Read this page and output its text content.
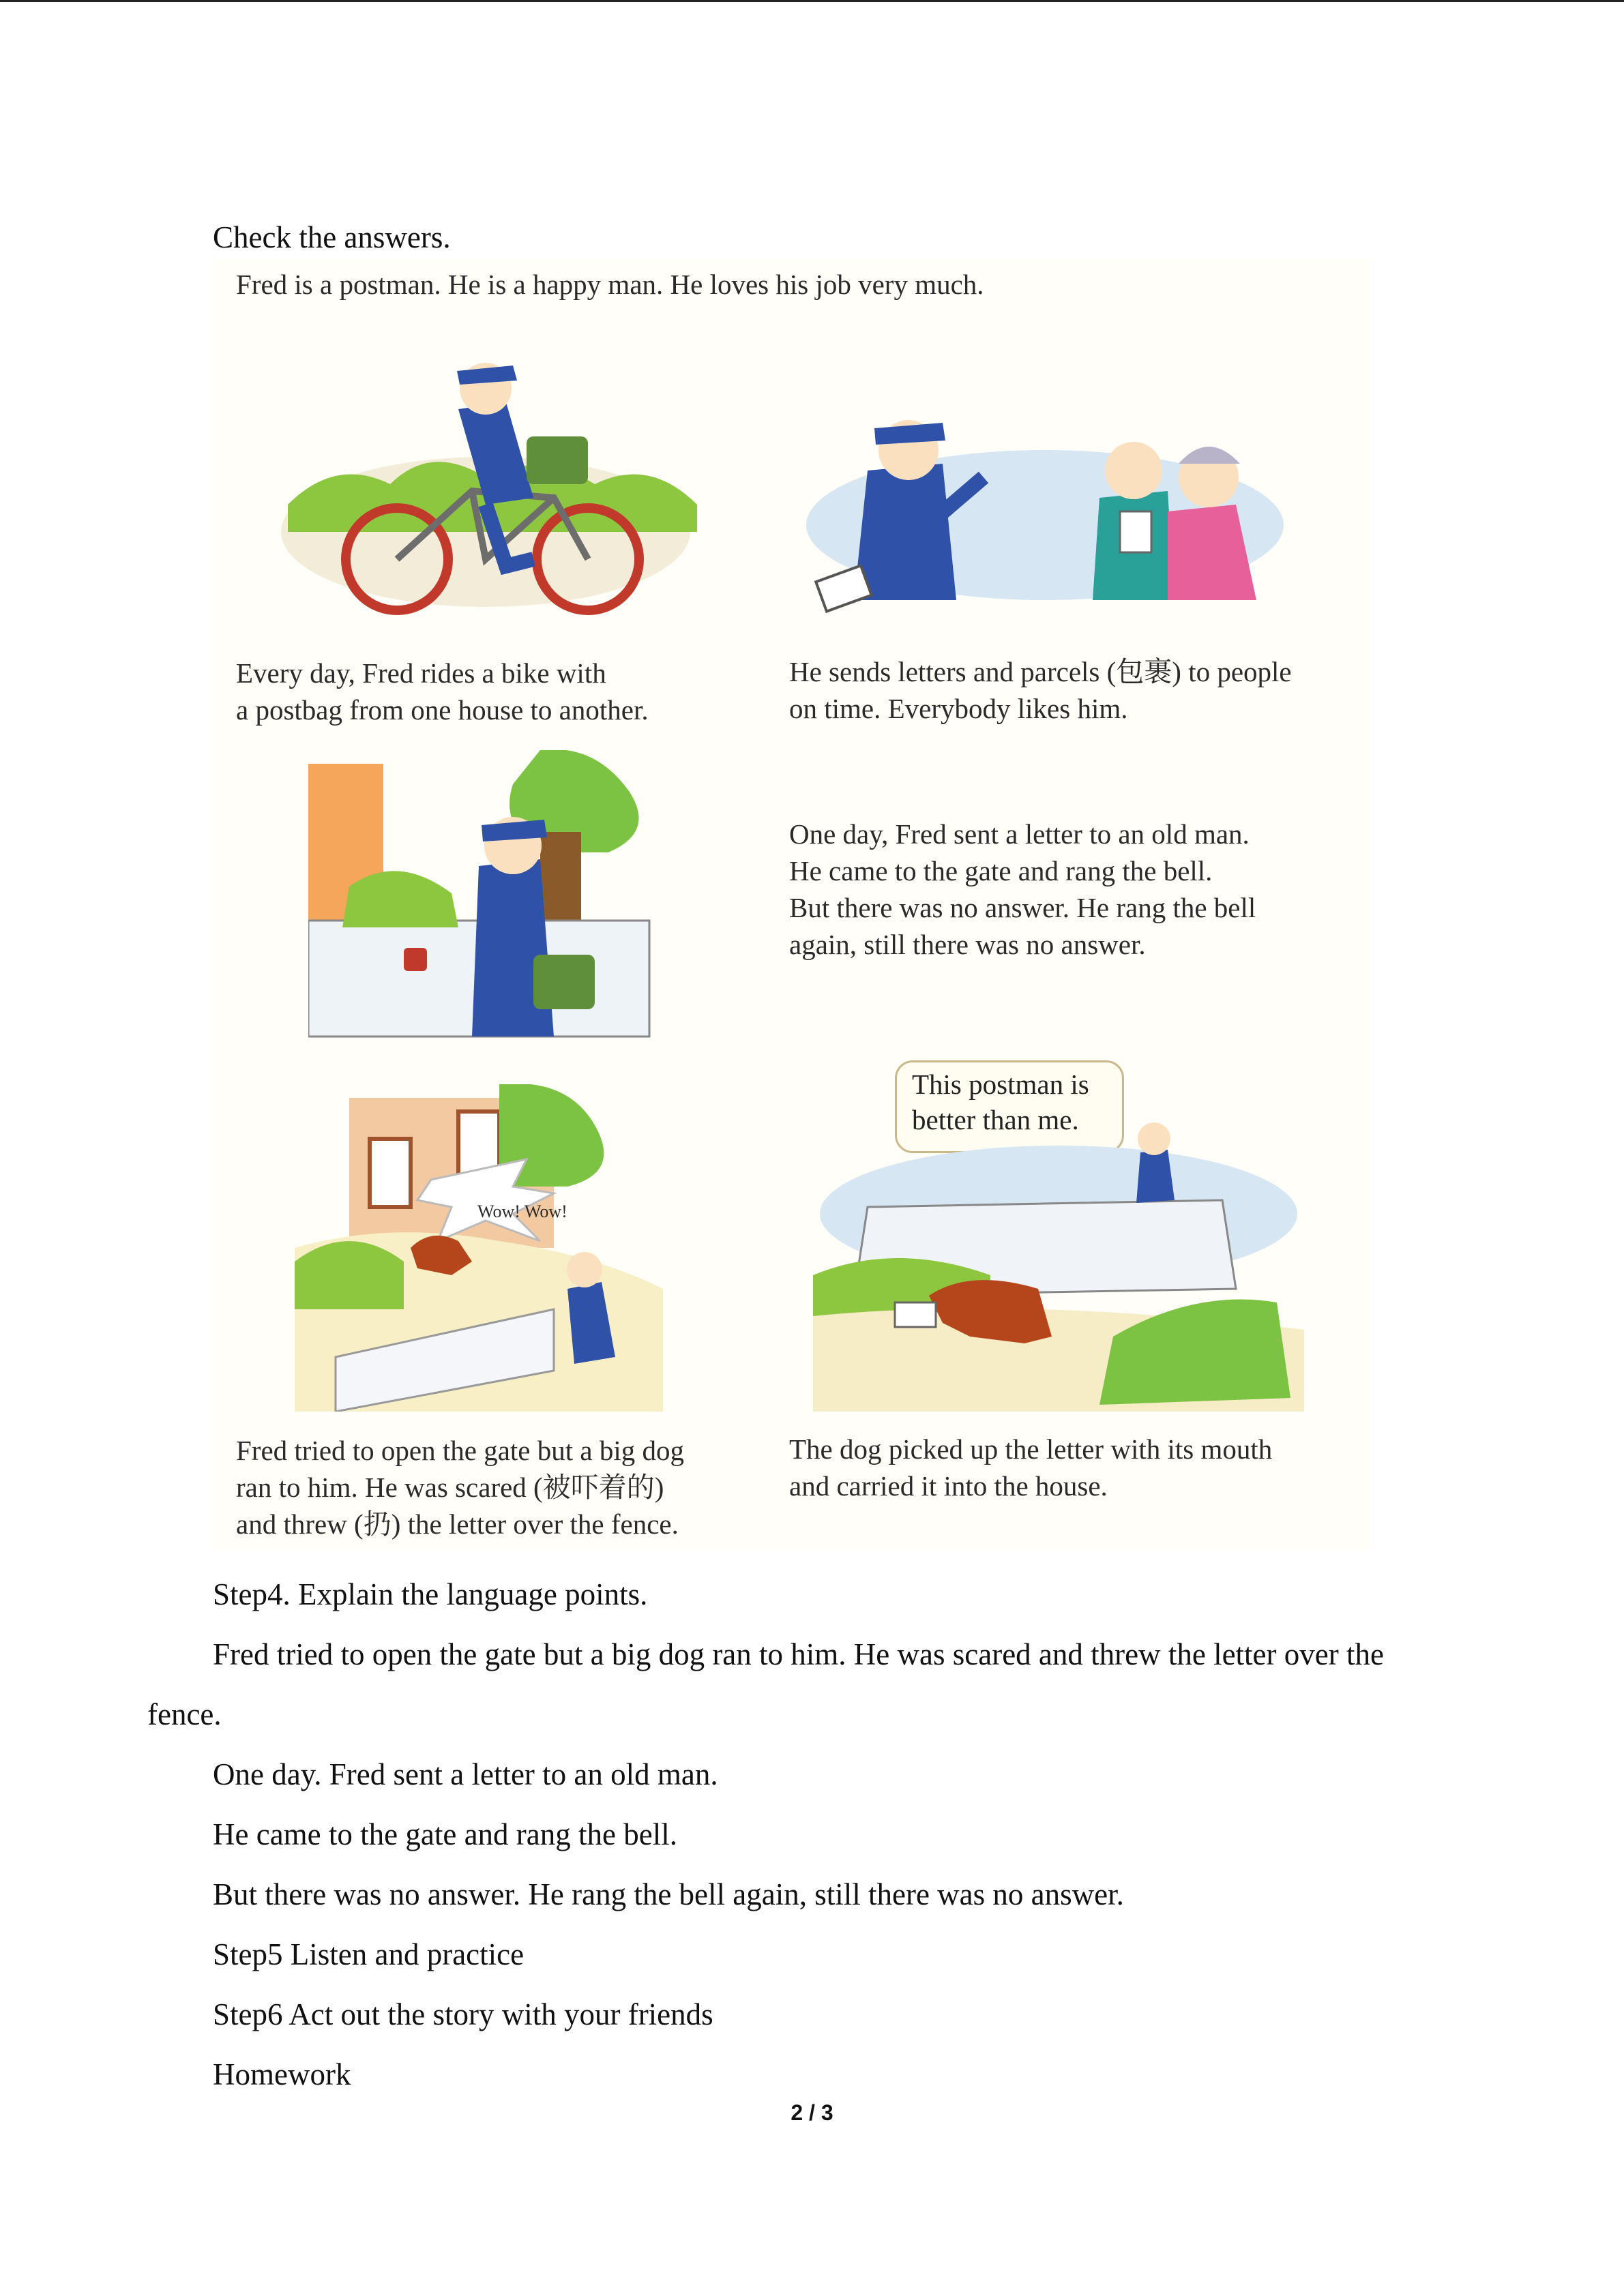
Check the answers.
Fred is a postman. He is a happy man. He loves his job very much.
Every day, Fred rides a bike with
a postbag from one house to another.
He sends letters and parcels (包裹) to people
on time. Everybody likes him.
One day, Fred sent a letter to an old man.
He came to the gate and rang the bell.
But there was no answer. He rang the bell
again, still there was no answer.
Wow! Wow!
This postman is
better than me.
Fred tried to open the gate but a big dog
ran to him. He was scared (被吓着的)
and threw (扔) the letter over the fence.
The dog picked up the letter with its mouth
and carried it into the house.
Step4. Explain the language points.
Fred tried to open the gate but a big dog ran to him. He was scared and threw the letter over the
fence.
One day. Fred sent a letter to an old man.
He came to the gate and rang the bell.
But there was no answer. He rang the bell again, still there was no answer.
Step5 Listen and practice
Step6 Act out the story with your friends
Homework
2 / 3
